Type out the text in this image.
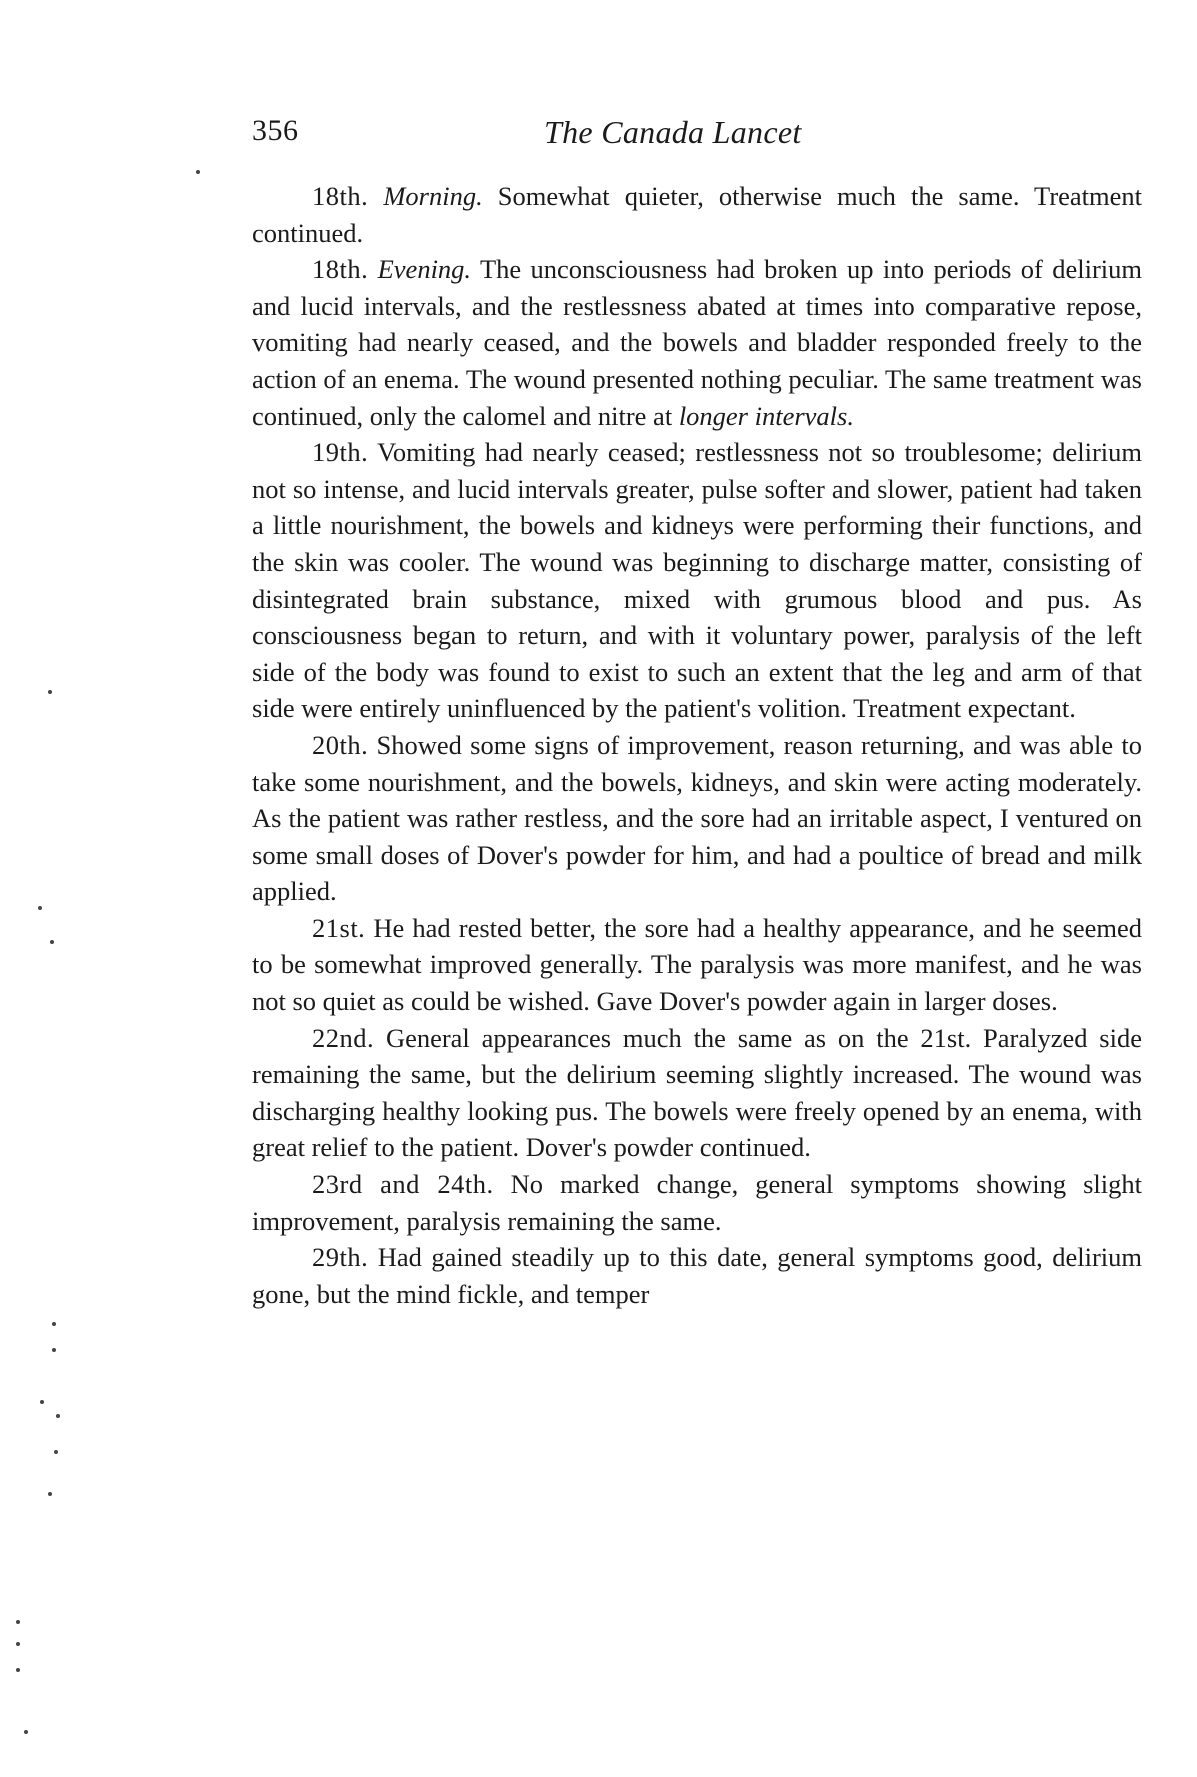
356	The Canada Lancet

18th. Morning. Somewhat quieter, otherwise much the same. Treatment continued.

18th. Evening. The unconsciousness had broken up into periods of delirium and lucid intervals, and the restlessness abated at times into comparative repose, vomiting had nearly ceased, and the bowels and bladder responded freely to the action of an enema. The wound presented nothing peculiar. The same treatment was continued, only the calomel and nitre at longer intervals.

19th. Vomiting had nearly ceased; restlessness not so troublesome; delirium not so intense, and lucid intervals greater, pulse softer and slower, patient had taken a little nourishment, the bowels and kidneys were performing their functions, and the skin was cooler. The wound was beginning to discharge matter, consisting of disintegrated brain substance, mixed with grumous blood and pus. As consciousness began to return, and with it voluntary power, paralysis of the left side of the body was found to exist to such an extent that the leg and arm of that side were entirely uninfluenced by the patient's volition. Treatment expectant.

20th. Showed some signs of improvement, reason returning, and was able to take some nourishment, and the bowels, kidneys, and skin were acting moderately. As the patient was rather restless, and the sore had an irritable aspect, I ventured on some small doses of Dover's powder for him, and had a poultice of bread and milk applied.

21st. He had rested better, the sore had a healthy appearance, and he seemed to be somewhat improved generally. The paralysis was more manifest, and he was not so quiet as could be wished. Gave Dover's powder again in larger doses.

22nd. General appearances much the same as on the 21st. Paralyzed side remaining the same, but the delirium seeming slightly increased. The wound was discharging healthy looking pus. The bowels were freely opened by an enema, with great relief to the patient. Dover's powder continued.

23rd and 24th. No marked change, general symptoms showing slight improvement, paralysis remaining the same.

29th. Had gained steadily up to this date, general symptoms good, delirium gone, but the mind fickle, and temper
